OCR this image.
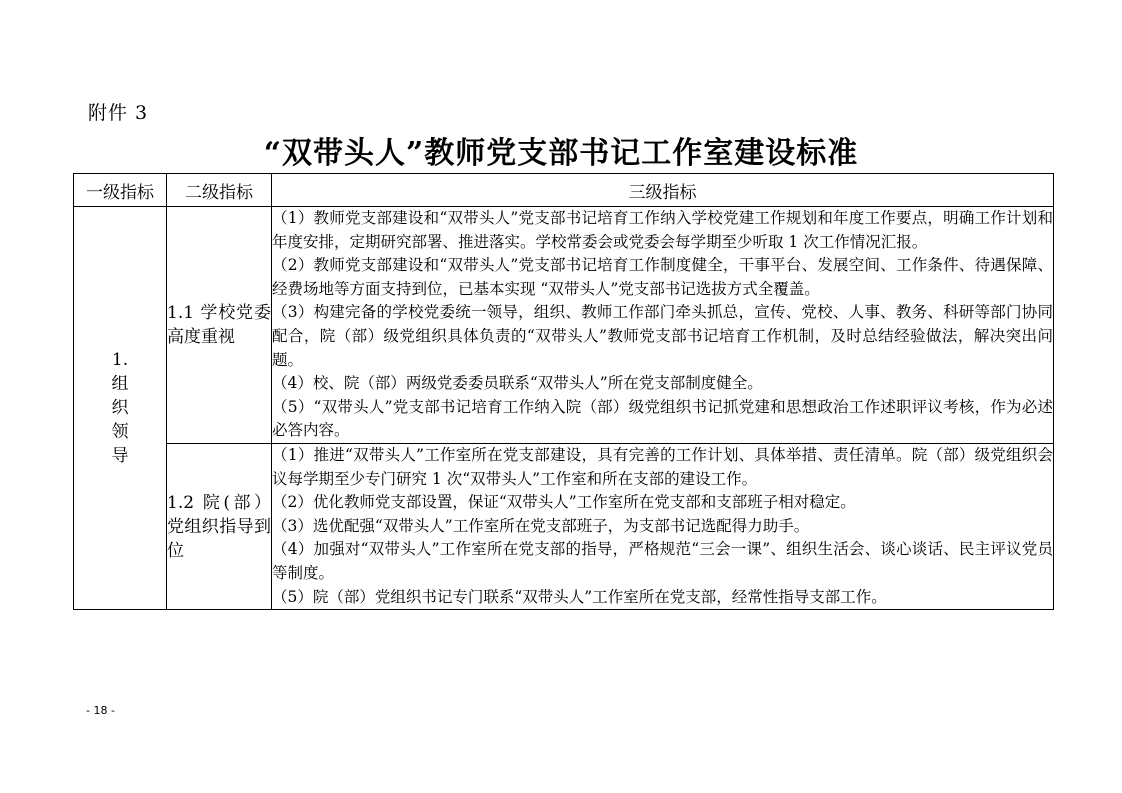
附件 3
“双带头人”教师党支部书记工作室建设标准
一级指标	二级指标	三级指标
1.组织领导	1.1 学校党委高度重视	（1）教师党支部建设和“双带头人”党支部书记培育工作纳入学校党建工作规划和年度工作要点，明确工作计划和年度安排，定期研究部署、推进落实。学校常委会或党委会每学期至少听取 1 次工作情况汇报。

（2）教师党支部建设和“双带头人”党支部书记培育工作制度健全，干事平台、发展空间、工作条件、待遇保障、经费场地等方面支持到位，已基本实现 “双带头人”党支部书记选拔方式全覆盖。

（3）构建完备的学校党委统一领导，组织、教师工作部门牵头抓总，宣传、党校、人事、教务、科研等部门协同配合，院（部）级党组织具体负责的“双带头人”教师党支部书记培育工作机制，及时总结经验做法，解决突出问题。

（4）校、院（部）两级党委委员联系“双带头人”所在党支部制度健全。

（5）“双带头人”党支部书记培育工作纳入院（部）级党组织书记抓党建和思想政治工作述职评议考核，作为必述必答内容。

	1.2 院(部）党组织指导到位	（1）推进“双带头人”工作室所在党支部建设，具有完善的工作计划、具体举措、责任清单。院（部）级党组织会议每学期至少专门研究 1 次“双带头人”工作室和所在支部的建设工作。

（2）优化教师党支部设置，保证“双带头人”工作室所在党支部和支部班子相对稳定。

（3）选优配强“双带头人”工作室所在党支部班子，为支部书记选配得力助手。

（4）加强对“双带头人”工作室所在党支部的指导，严格规范“三会一课”、组织生活会、谈心谈话、民主评议党员等制度。

（5）院（部）党组织书记专门联系“双带头人”工作室所在党支部，经常性指导支部工作。

- 18 -
